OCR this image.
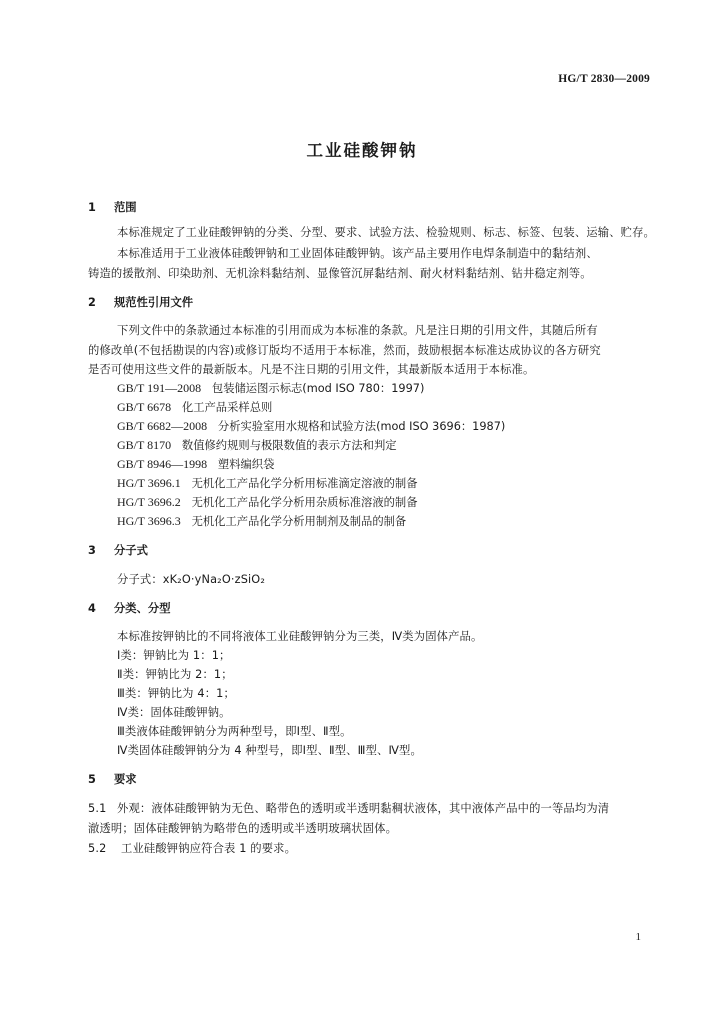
HG/T 2830—2009
工业硅酸钾钠
1 范围
本标准规定了工业硅酸钾钠的分类、分型、要求、试验方法、检验规则、标志、标签、包装、运输、贮存。
本标准适用于工业液体硅酸钾钠和工业固体硅酸钾钠。该产品主要用作电焊条制造中的黏结剂、
铸造的援散剂、印染助剂、无机涂料黏结剂、显像管沉屏黏结剂、耐火材料黏结剂、钻井稳定剂等。
2 规范性引用文件
下列文件中的条款通过本标准的引用而成为本标准的条款。凡是注日期的引用文件，其随后所有
的修改单(不包括勘误的内容)或修订版均不适用于本标准，然而，鼓励根据本标准达成协议的各方研究
是否可使用这些文件的最新版本。凡是不注日期的引用文件，其最新版本适用于本标准。
GB/T 191—2008 包装储运图示标志(mod ISO 780：1997)
GB/T 6678 化工产品采样总则
GB/T 6682—2008 分析实验室用水规格和试验方法(mod ISO 3696：1987)
GB/T 8170 数值修约规则与极限数值的表示方法和判定
GB/T 8946—1998 塑料编织袋
HG/T 3696.1 无机化工产品化学分析用标准滴定溶液的制备
HG/T 3696.2 无机化工产品化学分析用杂质标准溶液的制备
HG/T 3696.3 无机化工产品化学分析用制剂及制品的制备
3 分子式
分子式：xK₂O·yNa₂O·zSiO₂
4 分类、分型
本标准按钾钠比的不同将液体工业硅酸钾钠分为三类，Ⅳ类为固体产品。
Ⅰ类：钾钠比为 1：1；
Ⅱ类：钾钠比为 2：1；
Ⅲ类：钾钠比为 4：1；
Ⅳ类：固体硅酸钾钠。
Ⅲ类液体硅酸钾钠分为两种型号，即Ⅰ型、Ⅱ型。
Ⅳ类固体硅酸钾钠分为 4 种型号，即Ⅰ型、Ⅱ型、Ⅲ型、Ⅳ型。
5 要求
5.1 外观：液体硅酸钾钠为无色、略带色的透明或半透明黏稠状液体，其中液体产品中的一等品均为清
澈透明；固体硅酸钾钠为略带色的透明或半透明玻璃状固体。
5.2 工业硅酸钾钠应符合表 1 的要求。
1
